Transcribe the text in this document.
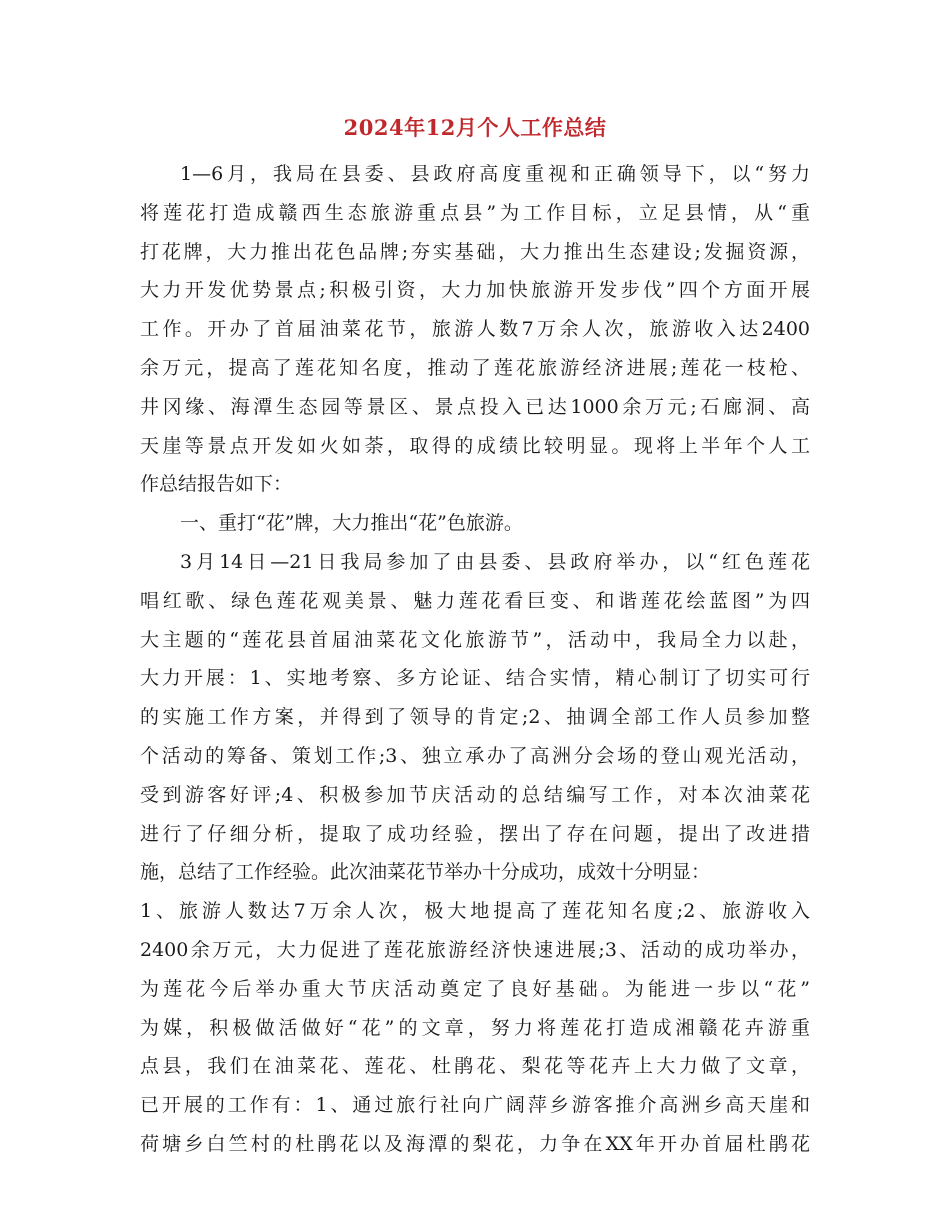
2024年12月个人工作总结
1—6月，我局在县委、县政府高度重视和正确领导下，以“努力
将莲花打造成赣西生态旅游重点县”为工作目标，立足县情，从“重
打花牌，大力推出花色品牌;夯实基础，大力推出生态建设;发掘资源，
大力开发优势景点;积极引资，大力加快旅游开发步伐”四个方面开展
工作。开办了首届油菜花节，旅游人数7万余人次，旅游收入达2400
余万元，提高了莲花知名度，推动了莲花旅游经济进展;莲花一枝枪、
井冈缘、海潭生态园等景区、景点投入已达1000余万元;石廊洞、高
天崖等景点开发如火如荼，取得的成绩比较明显。现将上半年个人工
作总结报告如下：
一、重打“花”牌，大力推出“花”色旅游。
3月14日—21日我局参加了由县委、县政府举办，以“红色莲花
唱红歌、绿色莲花观美景、魅力莲花看巨变、和谐莲花绘蓝图”为四
大主题的“莲花县首届油菜花文化旅游节”，活动中，我局全力以赴，
大力开展：1、实地考察、多方论证、结合实情，精心制订了切实可行
的实施工作方案，并得到了领导的肯定;2、抽调全部工作人员参加整
个活动的筹备、策划工作;3、独立承办了高洲分会场的登山观光活动，
受到游客好评;4、积极参加节庆活动的总结编写工作，对本次油菜花
进行了仔细分析，提取了成功经验，摆出了存在问题，提出了改进措
施，总结了工作经验。此次油菜花节举办十分成功，成效十分明显：
1、旅游人数达7万余人次，极大地提高了莲花知名度;2、旅游收入
2400余万元，大力促进了莲花旅游经济快速进展;3、活动的成功举办，
为莲花今后举办重大节庆活动奠定了良好基础。为能进一步以“花”
为媒，积极做活做好“花”的文章，努力将莲花打造成湘赣花卉游重
点县，我们在油菜花、莲花、杜鹃花、梨花等花卉上大力做了文章，
已开展的工作有：1、通过旅行社向广阔萍乡游客推介高洲乡高天崖和
荷塘乡白竺村的杜鹃花以及海潭的梨花，力争在XX年开办首届杜鹃花
